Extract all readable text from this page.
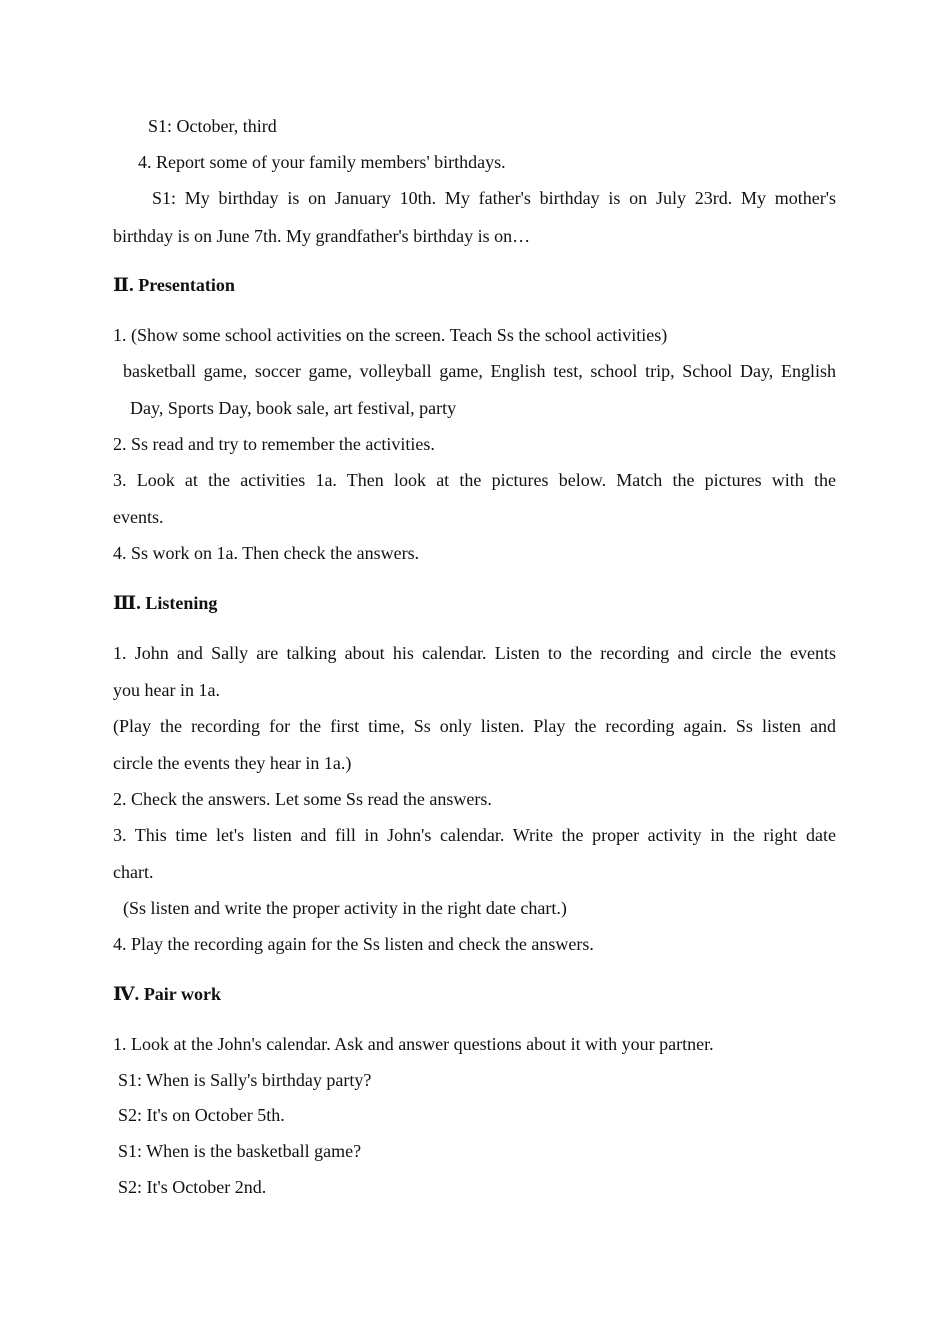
S1: October, third
4. Report some of your family members' birthdays.
S1: My birthday is on January 10th. My father's birthday is on July 23rd. My mother's
birthday is on June 7th. My grandfather's birthday is on…
Ⅱ. Presentation
1. (Show some school activities on the screen. Teach Ss the school activities)
basketball game, soccer game, volleyball game, English test, school trip, School Day, English
Day, Sports Day, book sale, art festival, party
2. Ss read and try to remember the activities.
3. Look at the activities 1a. Then look at the pictures below. Match the pictures with the
events.
4. Ss work on 1a. Then check the answers.
Ⅲ. Listening
1. John and Sally are talking about his calendar. Listen to the recording and circle the events
you hear in 1a.
(Play the recording for the first time, Ss only listen. Play the recording again. Ss listen and
circle the events they hear in 1a.)
2. Check the answers. Let some Ss read the answers.
3. This time let's listen and fill in John's calendar. Write the proper activity in the right date
chart.
(Ss listen and write the proper activity in the right date chart.)
4. Play the recording again for the Ss listen and check the answers.
Ⅳ. Pair work
1. Look at the John's calendar. Ask and answer questions about it with your partner.
S1: When is Sally's birthday party?
S2: It's on October 5th.
S1: When is the basketball game?
S2: It's October 2nd.
